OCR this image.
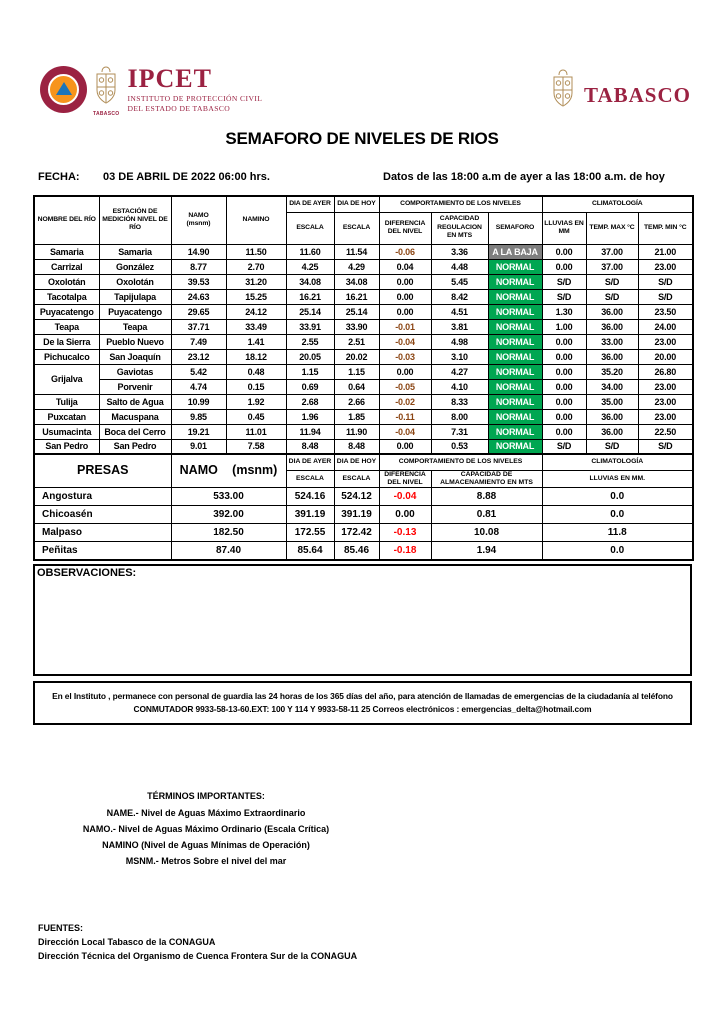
TABASCO
IPCET
INSTITUTO DE PROTECCIÓN CIVIL
DEL ESTADO DE TABASCO
TABASCO
SEMAFORO DE NIVELES DE RIOS
FECHA: 03 DE ABRIL DE 2022 06:00 hrs.	Datos de las 18:00 a.m de ayer a las 18:00 a.m. de hoy
NOMBRE DEL RÍO	ESTACIÓN DE MEDICIÓN NIVEL DE RÍO	NAMO
(msnm)	NAMINO	DIA DE AYER	DIA DE HOY	COMPORTAMIENTO DE LOS NIVELES			CLIMATOLOGÍA		
				ESCALA	ESCALA	DIFERENCIA DEL NIVEL	CAPACIDAD REGULACION EN MTS	SEMAFORO	LLUVIAS EN MM	TEMP. MAX °C	TEMP. MIN °C
Samaria	Samaria	14.90	11.50	11.60	11.54	-0.06	3.36	A LA BAJA	0.00	37.00	21.00
Carrizal	González	8.77	2.70	4.25	4.29	0.04	4.48	NORMAL	0.00	37.00	23.00
Oxolotán	Oxolotán	39.53	31.20	34.08	34.08	0.00	5.45	NORMAL	S/D	S/D	S/D
Tacotalpa	Tapijulapa	24.63	15.25	16.21	16.21	0.00	8.42	NORMAL	S/D	S/D	S/D
Puyacatengo	Puyacatengo	29.65	24.12	25.14	25.14	0.00	4.51	NORMAL	1.30	36.00	23.50
Teapa	Teapa	37.71	33.49	33.91	33.90	-0.01	3.81	NORMAL	1.00	36.00	24.00
De la Sierra	Pueblo Nuevo	7.49	1.41	2.55	2.51	-0.04	4.98	NORMAL	0.00	33.00	23.00
Pichucalco	San Joaquín	23.12	18.12	20.05	20.02	-0.03	3.10	NORMAL	0.00	36.00	20.00
Grijalva	Gaviotas	5.42	0.48	1.15	1.15	0.00	4.27	NORMAL	0.00	35.20	26.80
	Porvenir	4.74	0.15	0.69	0.64	-0.05	4.10	NORMAL	0.00	34.00	23.00
Tulija	Salto de Agua	10.99	1.92	2.68	2.66	-0.02	8.33	NORMAL	0.00	35.00	23.00
Puxcatan	Macuspana	9.85	0.45	1.96	1.85	-0.11	8.00	NORMAL	0.00	36.00	23.00
Usumacinta	Boca del Cerro	19.21	11.01	11.94	11.90	-0.04	7.31	NORMAL	0.00	36.00	22.50
San Pedro	San Pedro	9.01	7.58	8.48	8.48	0.00	0.53	NORMAL	S/D	S/D	S/D
PRESAS	NAMO (msnm)	DIA DE AYER	DIA DE HOY	COMPORTAMIENTO DE LOS NIVELES		CLIMATOLOGÍA
		ESCALA	ESCALA	DIFERENCIA DEL NIVEL	CAPACIDAD DE ALMACENAMIENTO EN MTS	LLUVIAS EN MM.
Angostura	533.00	524.16	524.12	-0.04	8.88	0.0
Chicoasén	392.00	391.19	391.19	0.00	0.81	0.0
Malpaso	182.50	172.55	172.42	-0.13	10.08	11.8
Peñitas	87.40	85.64	85.46	-0.18	1.94	0.0
OBSERVACIONES:
En el Instituto , permanece con personal de guardia las 24 horas de los 365 días del año, para atención de llamadas de emergencias de la ciudadanía al teléfono
CONMUTADOR 9933-58-13-60.EXT: 100 Y 114 Y 9933-58-11 25 Correos electrónicos : emergencias_delta@hotmail.com
TÉRMINOS IMPORTANTES:
NAME.- Nivel de Aguas Máximo Extraordinario
NAMO.- Nivel de Aguas Máximo Ordinario (Escala Crítica)
NAMINO (Nivel de Aguas Mínimas de Operación)
MSNM.- Metros Sobre el nivel del mar
FUENTES:
Dirección Local Tabasco de la CONAGUA
Dirección Técnica del Organismo de Cuenca Frontera Sur de la CONAGUA
